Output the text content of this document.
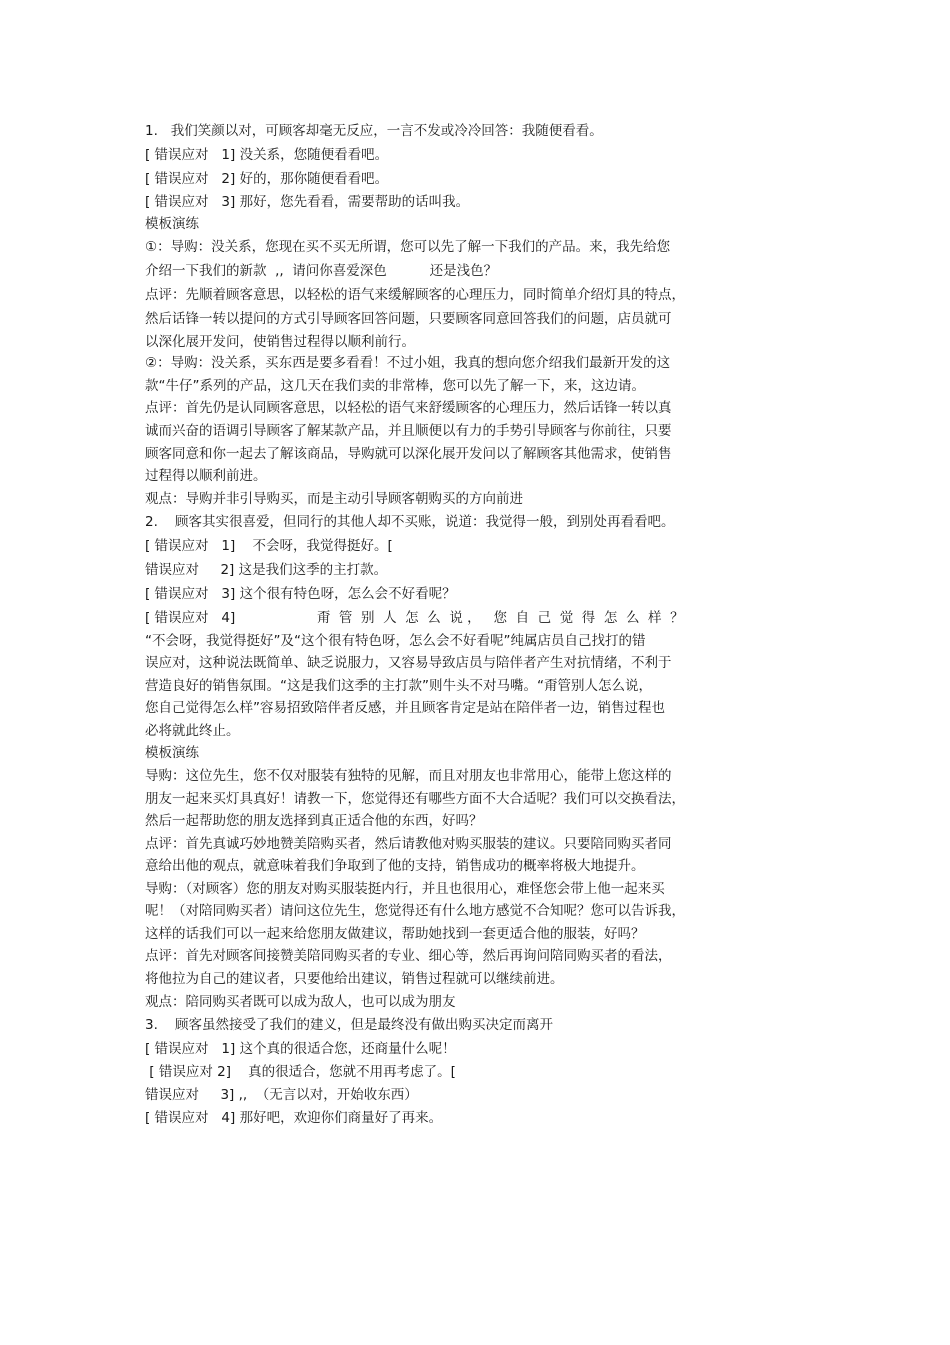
1.   我们笑颜以对，可顾客却毫无反应，一言不发或冷冷回答：我随便看看。
[ 错误应对   1] 没关系，您随便看看吧。
[ 错误应对   2] 好的，那你随便看看吧。
[ 错误应对   3] 那好，您先看看，需要帮助的话叫我。
模板演练
①：导购：没关系，您现在买不买无所谓，您可以先了解一下我们的产品。来，我先给您
介绍一下我们的新款  ,,  请问你喜爱深色          还是浅色？
点评：先顺着顾客意思，以轻松的语气来缓解顾客的心理压力，同时简单介绍灯具的特点，
然后话锋一转以提问的方式引导顾客回答问题，只要顾客同意回答我们的问题，店员就可
以深化展开发问，使销售过程得以顺利前行。
②：导购：没关系，买东西是要多看看！不过小姐，我真的想向您介绍我们最新开发的这
款“牛仔”系列的产品，这几天在我们卖的非常棒，您可以先了解一下，来，这边请。
点评：首先仍是认同顾客意思，以轻松的语气来舒缓顾客的心理压力，然后话锋一转以真
诚而兴奋的语调引导顾客了解某款产品，并且顺便以有力的手势引导顾客与你前往，只要
顾客同意和你一起去了解该商品，导购就可以深化展开发问以了解顾客其他需求，使销售
过程得以顺利前进。
观点：导购并非引导购买，而是主动引导顾客朝购买的方向前进
2.    顾客其实很喜爱，但同行的其他人却不买账，说道：我觉得一般，到别处再看看吧。
[ 错误应对   1]    不会呀，我觉得挺好。[
错误应对     2] 这是我们这季的主打款。
[ 错误应对   3] 这个很有特色呀，怎么会不好看呢？
[ 错误应对   4]                   甭  管  别  人  怎  么  说 ，   您  自  己  觉  得  怎  么  样  ？
“不会呀，我觉得挺好”及“这个很有特色呀，怎么会不好看呢”纯属店员自己找打的错
误应对，这种说法既简单、缺乏说服力，又容易导致店员与陪伴者产生对抗情绪，不利于
营造良好的销售氛围。“这是我们这季的主打款”则牛头不对马嘴。“甭管别人怎么说，
您自己觉得怎么样”容易招致陪伴者反感，并且顾客肯定是站在陪伴者一边，销售过程也
必将就此终止。
模板演练
导购：这位先生，您不仅对服装有独特的见解，而且对朋友也非常用心，能带上您这样的
朋友一起来买灯具真好！请教一下，您觉得还有哪些方面不大合适呢？我们可以交换看法，
然后一起帮助您的朋友选择到真正适合他的东西，好吗？
点评：首先真诚巧妙地赞美陪购买者，然后请教他对购买服装的建议。只要陪同购买者同
意给出他的观点，就意味着我们争取到了他的支持，销售成功的概率将极大地提升。
导购：（对顾客）您的朋友对购买服装挺内行，并且也很用心，难怪您会带上他一起来买
呢！（对陪同购买者）请问这位先生，您觉得还有什么地方感觉不合知呢？您可以告诉我，
这样的话我们可以一起来给您朋友做建议，帮助她找到一套更适合他的服装，好吗？
点评：首先对顾客间接赞美陪同购买者的专业、细心等，然后再询问陪同购买者的看法，
将他拉为自己的建议者，只要他给出建议，销售过程就可以继续前进。
观点：陪同购买者既可以成为敌人，也可以成为朋友
3.    顾客虽然接受了我们的建义，但是最终没有做出购买决定而离开
[ 错误应对   1] 这个真的很适合您，还商量什么呢！
[ 错误应对 2]    真的很适合，您就不用再考虑了。[
错误应对     3] ,,  （无言以对，开始收东西）
[ 错误应对   4] 那好吧，欢迎你们商量好了再来。
